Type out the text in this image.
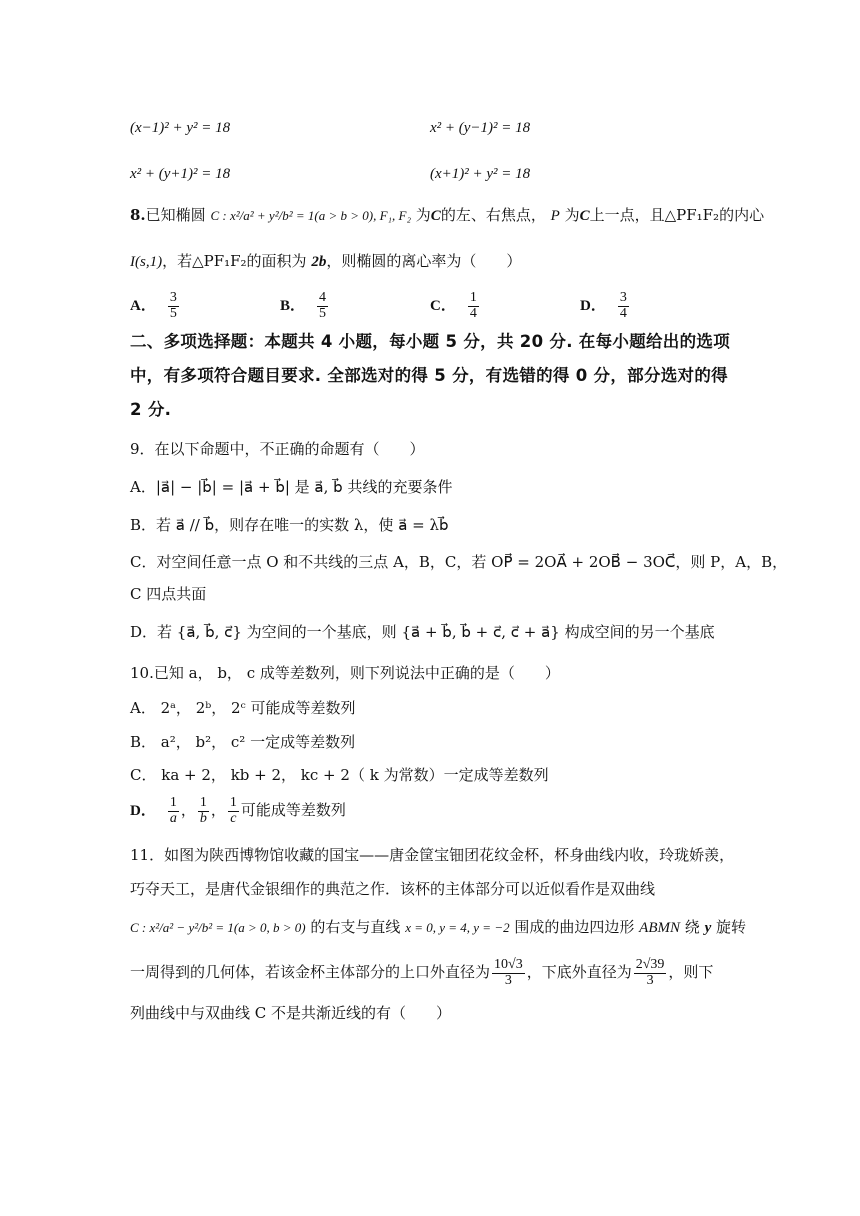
(x−1)² + y² = 18	x² + (y−1)² = 18
x² + (y+1)² = 18	(x+1)² + y² = 18
8.已知椭圆 C : x²/a² + y²/b² = 1(a > b > 0), F₁, F₂ 为C的左、右焦点， P 为C上一点，且△PF₁F₂的内心
I(s,1)，若△PF₁F₂的面积为 2b，则椭圆的离心率为（　　）
A． $\frac{3}{5}$	B． $\frac{4}{5}$	C． $\frac{1}{4}$	D． $\frac{3}{4}$
二、多项选择题：本题共 4 小题，每小题 5 分，共 20 分. 在每小题给出的选项
中，有多项符合题目要求. 全部选对的得 5 分，有选错的得 0 分，部分选对的得
2 分.
9．在以下命题中，不正确的命题有（　　）
A．|a⃗| − |b⃗| = |a⃗ + b⃗| 是 a⃗, b⃗ 共线的充要条件
B．若 a⃗ // b⃗，则存在唯一的实数 λ，使 a⃗ = λb⃗
C．对空间任意一点 O 和不共线的三点 A，B，C，若 OP⃗ = 2OA⃗ + 2OB⃗ − 3OC⃗，则 P，A，B，
C 四点共面
D．若 {a⃗, b⃗, c⃗} 为空间的一个基底，则 {a⃗ + b⃗, b⃗ + c⃗, c⃗ + a⃗} 构成空间的另一个基底
10.已知 a， b， c 成等差数列，则下列说法中正确的是（　　）
A． 2ᵃ， 2ᵇ， 2ᶜ 可能成等差数列
B． a²， b²， c² 一定成等差数列
C． ka + 2， kb + 2， kc + 2（ k 为常数）一定成等差数列
D． $\frac{1}{a}$ ， $\frac{1}{b}$ ， $\frac{1}{c}$ 可能成等差数列
11．如图为陕西博物馆收藏的国宝——唐金筐宝钿团花纹金杯，杯身曲线内收，玲珑娇羡，
巧夺天工，是唐代金银细作的典范之作．该杯的主体部分可以近似看作是双曲线
C : x²/a² − y²/b² = 1(a > 0, b > 0) 的右支与直线 x = 0, y = 4, y = −2 围成的曲边四边形 ABMN 绕 y 旋转
一周得到的几何体，若该金杯主体部分的上口外直径为 $\frac{10√3}{3}$ ，下底外直径为 $\frac{2√39}{3}$ ，则下
列曲线中与双曲线 C 不是共渐近线的有（　　）
